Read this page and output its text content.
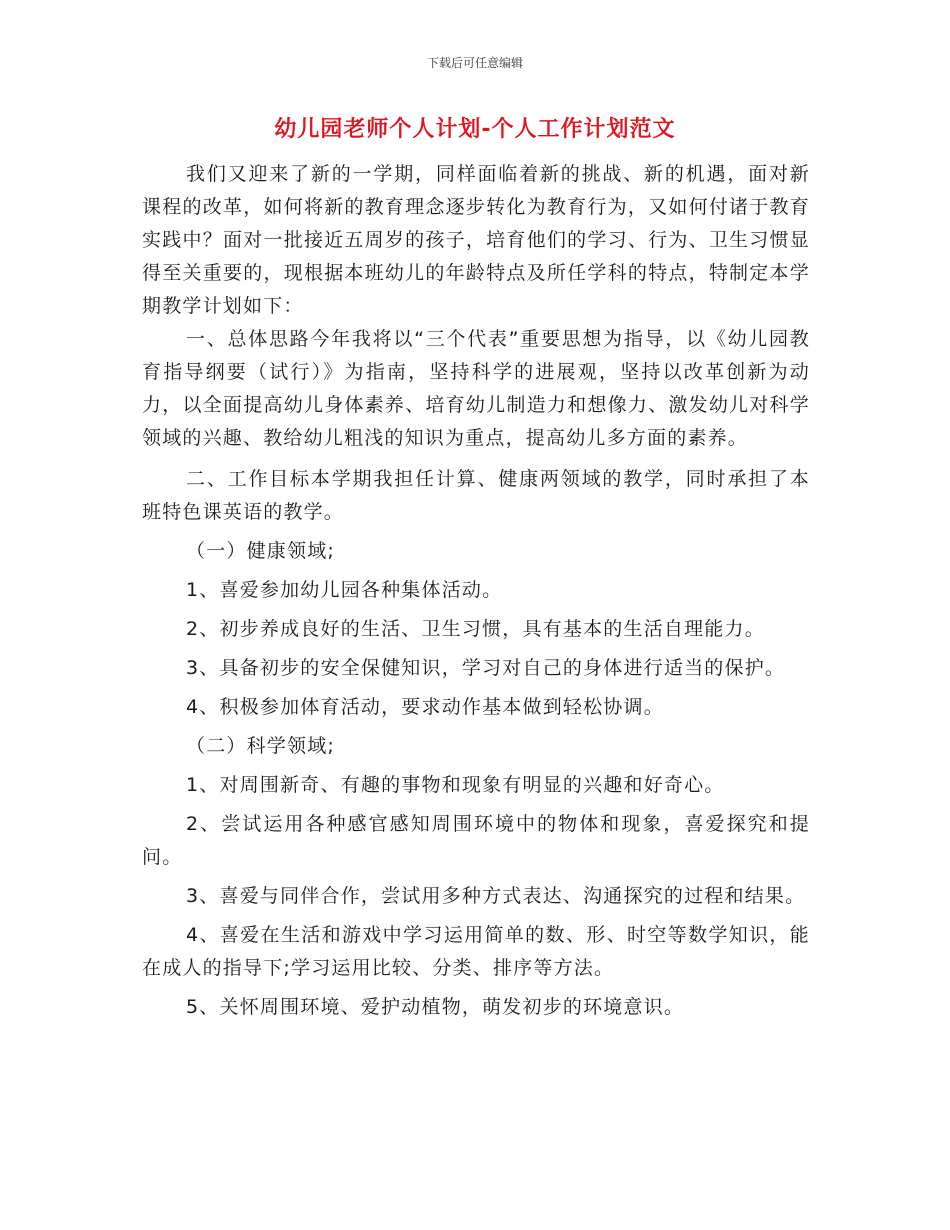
下载后可任意编辑
幼儿园老师个人计划-个人工作计划范文

我们又迎来了新的一学期，同样面临着新的挑战、新的机遇，面对新课程的改革，如何将新的教育理念逐步转化为教育行为，又如何付诸于教育实践中？面对一批接近五周岁的孩子，培育他们的学习、行为、卫生习惯显得至关重要的，现根据本班幼儿的年龄特点及所任学科的特点，特制定本学期教学计划如下：

一、总体思路今年我将以“三个代表”重要思想为指导，以《幼儿园教育指导纲要（试行）》为指南，坚持科学的进展观，坚持以改革创新为动力，以全面提高幼儿身体素养、培育幼儿制造力和想像力、激发幼儿对科学领域的兴趣、教给幼儿粗浅的知识为重点，提高幼儿多方面的素养。

二、工作目标本学期我担任计算、健康两领域的教学，同时承担了本班特色课英语的教学。

（一）健康领域;

1、喜爱参加幼儿园各种集体活动。

2、初步养成良好的生活、卫生习惯，具有基本的生活自理能力。

3、具备初步的安全保健知识，学习对自己的身体进行适当的保护。

4、积极参加体育活动，要求动作基本做到轻松协调。

（二）科学领域;

1、对周围新奇、有趣的事物和现象有明显的兴趣和好奇心。

2、尝试运用各种感官感知周围环境中的物体和现象，喜爱探究和提问。

3、喜爱与同伴合作，尝试用多种方式表达、沟通探究的过程和结果。

4、喜爱在生活和游戏中学习运用简单的数、形、时空等数学知识，能在成人的指导下;学习运用比较、分类、排序等方法。

5、关怀周围环境、爱护动植物，萌发初步的环境意识。
